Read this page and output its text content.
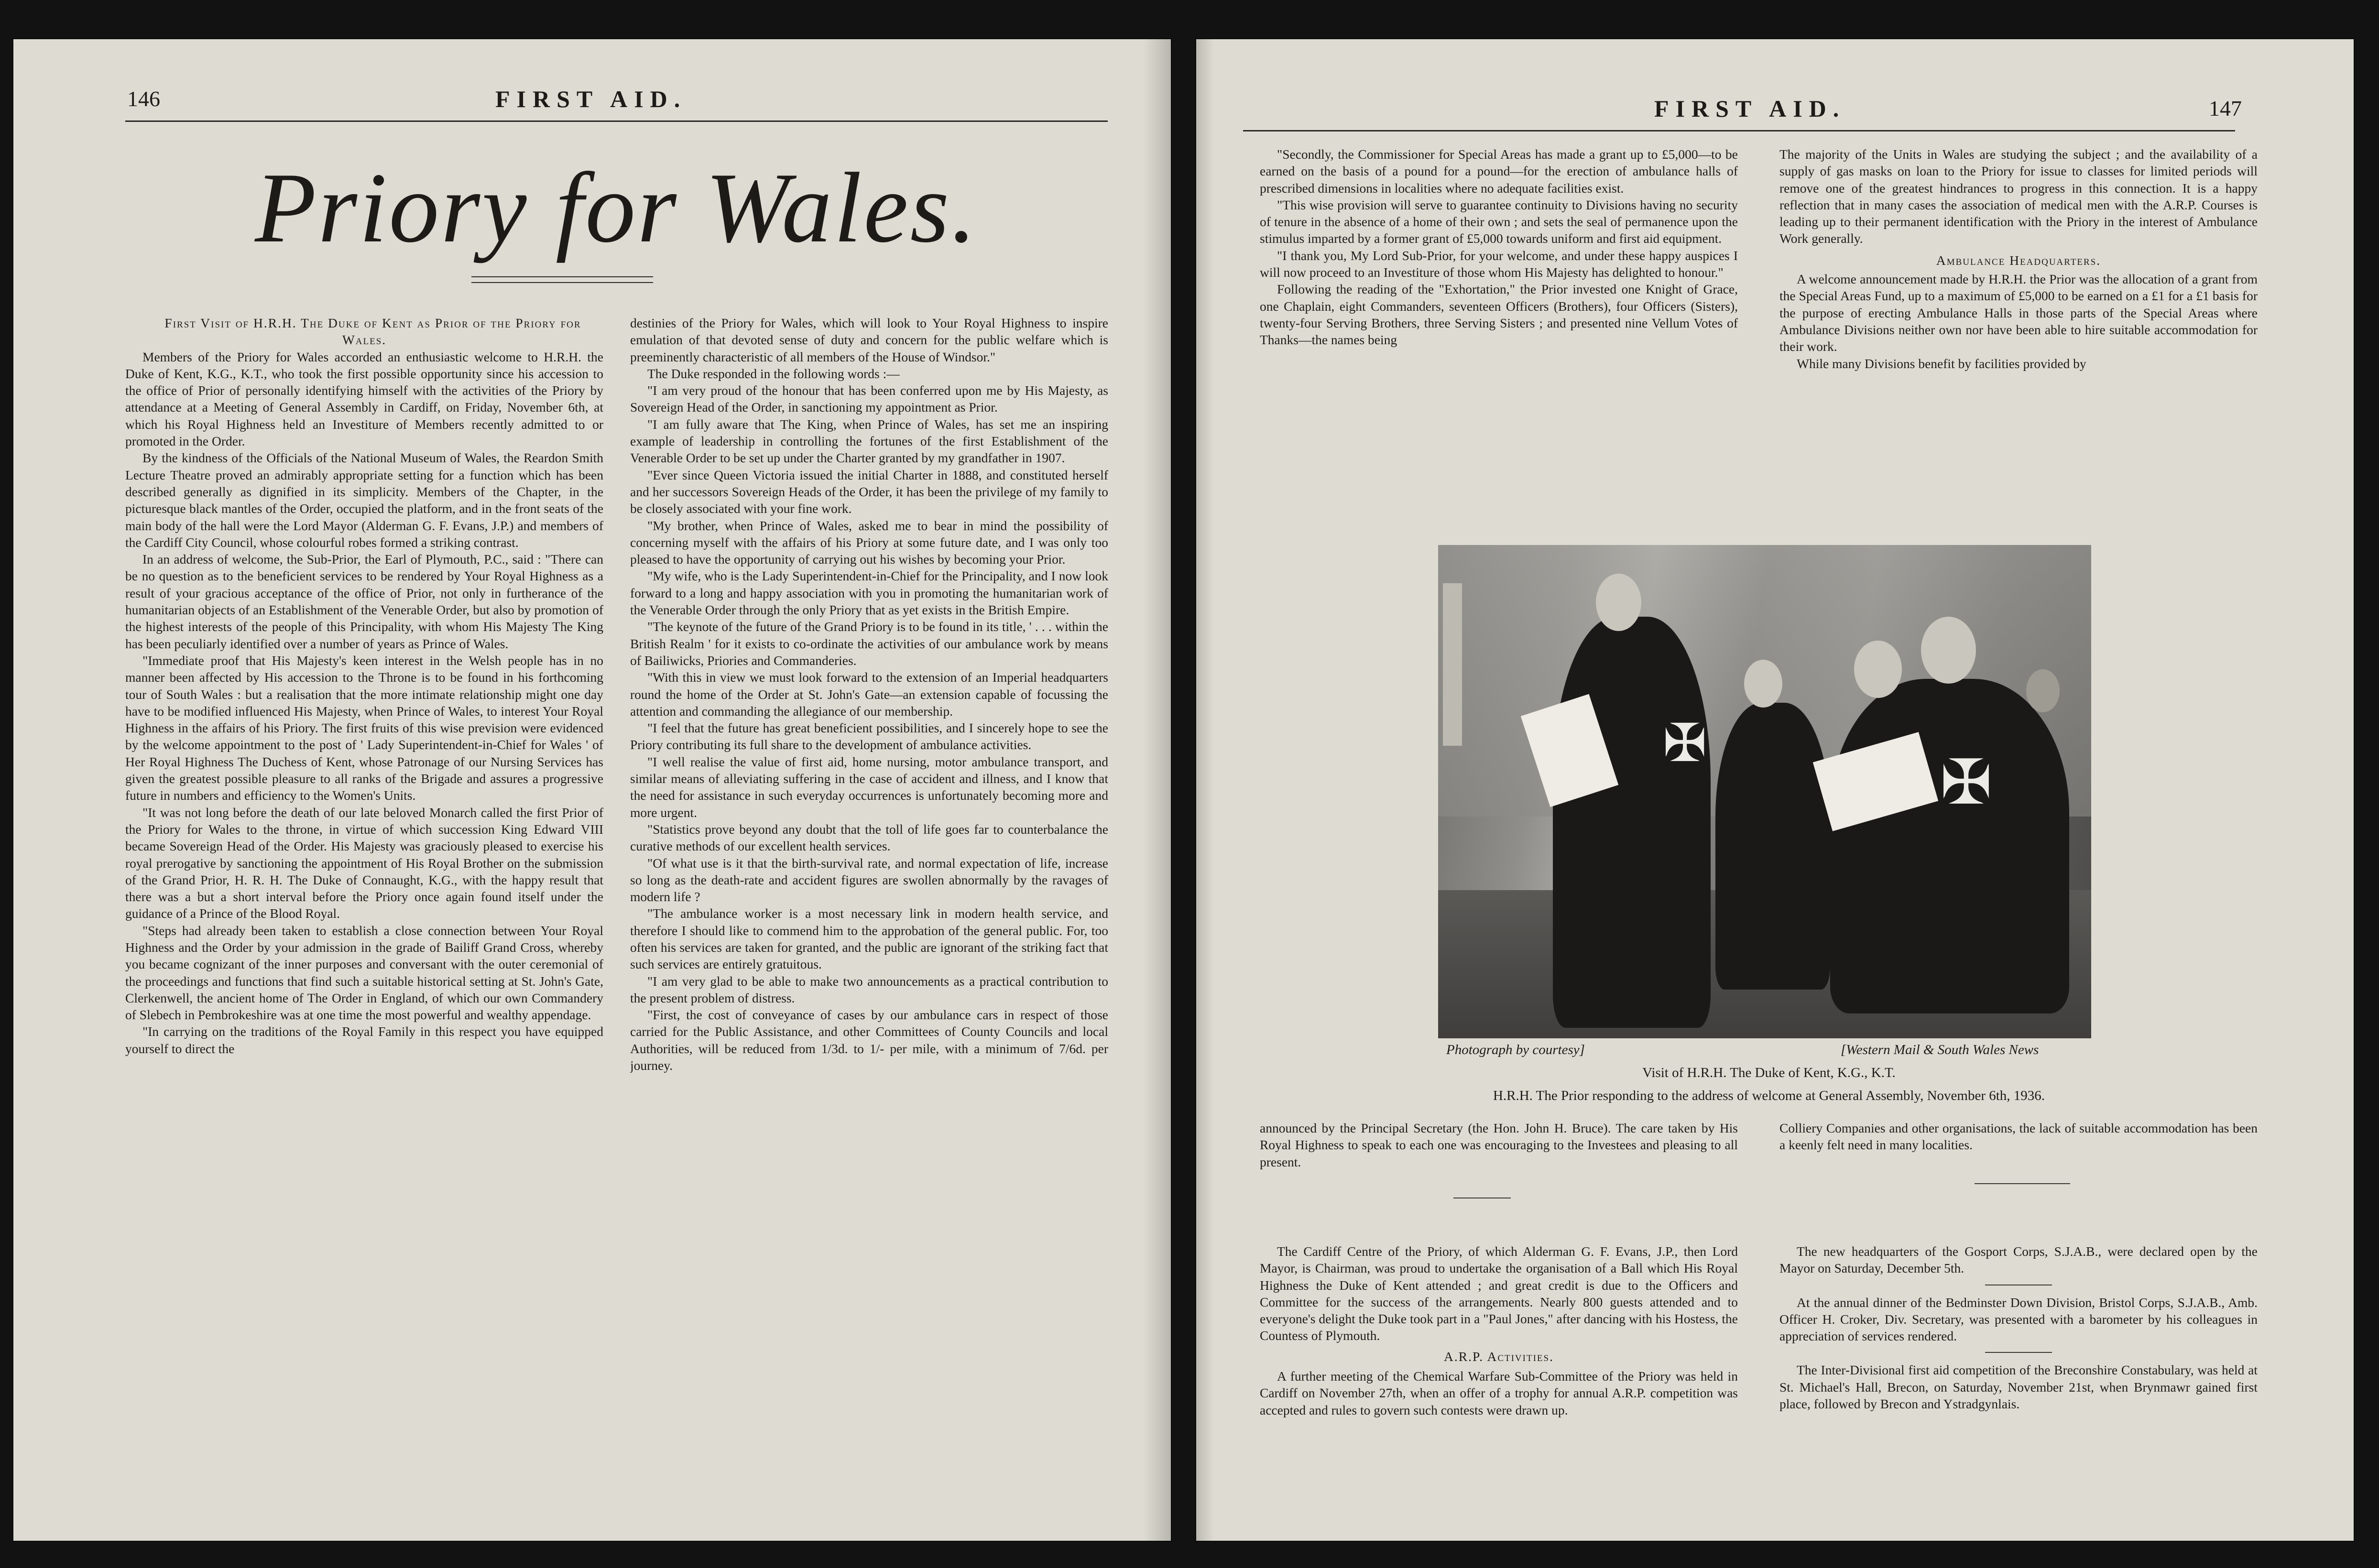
146	FIRST AID.
Priory for Wales.

First Visit of H.R.H. The Duke of Kent as Prior of the Priory for Wales.

Members of the Priory for Wales accorded an enthusiastic welcome to H.R.H. the Duke of Kent, K.G., K.T., who took the first possible opportunity since his accession to the office of Prior of personally identifying himself with the activities of the Priory by attendance at a Meeting of General Assembly in Cardiff, on Friday, November 6th, at which his Royal Highness held an Investiture of Members recently admitted to or promoted in the Order.

By the kindness of the Officials of the National Museum of Wales, the Reardon Smith Lecture Theatre proved an admirably appropriate setting for a function which has been described generally as dignified in its simplicity. Members of the Chapter, in the picturesque black mantles of the Order, occupied the platform, and in the front seats of the main body of the hall were the Lord Mayor (Alderman G. F. Evans, J.P.) and members of the Cardiff City Council, whose colourful robes formed a striking contrast.

In an address of welcome, the Sub-Prior, the Earl of Plymouth, P.C., said : "There can be no question as to the beneficient services to be rendered by Your Royal Highness as a result of your gracious acceptance of the office of Prior, not only in furtherance of the humanitarian objects of an Establishment of the Venerable Order, but also by promotion of the highest interests of the people of this Principality, with whom His Majesty The King has been peculiarly identified over a number of years as Prince of Wales.

"Immediate proof that His Majesty's keen interest in the Welsh people has in no manner been affected by His accession to the Throne is to be found in his forthcoming tour of South Wales : but a realisation that the more intimate relationship might one day have to be modified influenced His Majesty, when Prince of Wales, to interest Your Royal Highness in the affairs of his Priory. The first fruits of this wise prevision were evidenced by the welcome appointment to the post of ' Lady Superintendent-in-Chief for Wales ' of Her Royal Highness The Duchess of Kent, whose Patronage of our Nursing Services has given the greatest possible pleasure to all ranks of the Brigade and assures a progressive future in numbers and efficiency to the Women's Units.

"It was not long before the death of our late beloved Monarch called the first Prior of the Priory for Wales to the throne, in virtue of which succession King Edward VIII became Sovereign Head of the Order. His Majesty was graciously pleased to exercise his royal prerogative by sanctioning the appointment of His Royal Brother on the submission of the Grand Prior, H. R. H. The Duke of Connaught, K.G., with the happy result that there was a but a short interval before the Priory once again found itself under the guidance of a Prince of the Blood Royal.

"Steps had already been taken to establish a close connection between Your Royal Highness and the Order by your admission in the grade of Bailiff Grand Cross, whereby you became cognizant of the inner purposes and conversant with the outer ceremonial of the proceedings and functions that find such a suitable historical setting at St. John's Gate, Clerkenwell, the ancient home of The Order in England, of which our own Commandery of Slebech in Pembrokeshire was at one time the most powerful and wealthy appendage.

"In carrying on the traditions of the Royal Family in this respect you have equipped yourself to direct the

destinies of the Priory for Wales, which will look to Your Royal Highness to inspire emulation of that devoted sense of duty and concern for the public welfare which is preeminently characteristic of all members of the House of Windsor."

The Duke responded in the following words :—

"I am very proud of the honour that has been conferred upon me by His Majesty, as Sovereign Head of the Order, in sanctioning my appointment as Prior.

"I am fully aware that The King, when Prince of Wales, has set me an inspiring example of leadership in controlling the fortunes of the first Establishment of the Venerable Order to be set up under the Charter granted by my grandfather in 1907.

"Ever since Queen Victoria issued the initial Charter in 1888, and constituted herself and her successors Sovereign Heads of the Order, it has been the privilege of my family to be closely associated with your fine work.

"My brother, when Prince of Wales, asked me to bear in mind the possibility of concerning myself with the affairs of his Priory at some future date, and I was only too pleased to have the opportunity of carrying out his wishes by becoming your Prior.

"My wife, who is the Lady Superintendent-in-Chief for the Principality, and I now look forward to a long and happy association with you in promoting the humanitarian work of the Venerable Order through the only Priory that as yet exists in the British Empire.

"The keynote of the future of the Grand Priory is to be found in its title, ' . . . within the British Realm ' for it exists to co-ordinate the activities of our ambulance work by means of Bailiwicks, Priories and Commanderies.

"With this in view we must look forward to the extension of an Imperial headquarters round the home of the Order at St. John's Gate—an extension capable of focussing the attention and commanding the allegiance of our membership.

"I feel that the future has great beneficient possibilities, and I sincerely hope to see the Priory contributing its full share to the development of ambulance activities.

"I well realise the value of first aid, home nursing, motor ambulance transport, and similar means of alleviating suffering in the case of accident and illness, and I know that the need for assistance in such everyday occurrences is unfortunately becoming more and more urgent.

"Statistics prove beyond any doubt that the toll of life goes far to counterbalance the curative methods of our excellent health services.

"Of what use is it that the birth-survival rate, and normal expectation of life, increase so long as the death-rate and accident figures are swollen abnormally by the ravages of modern life ?

"The ambulance worker is a most necessary link in modern health service, and therefore I should like to commend him to the approbation of the general public. For, too often his services are taken for granted, and the public are ignorant of the striking fact that such services are entirely gratuitous.

"I am very glad to be able to make two announcements as a practical contribution to the present problem of distress.

"First, the cost of conveyance of cases by our ambulance cars in respect of those carried for the Public Assistance, and other Committees of County Councils and local Authorities, will be reduced from 1/3d. to 1/- per mile, with a minimum of 7/6d. per journey.

FIRST AID.	147

"Secondly, the Commissioner for Special Areas has made a grant up to £5,000—to be earned on the basis of a pound for a pound—for the erection of ambulance halls of prescribed dimensions in localities where no adequate facilities exist.

"This wise provision will serve to guarantee continuity to Divisions having no security of tenure in the absence of a home of their own ; and sets the seal of permanence upon the stimulus imparted by a former grant of £5,000 towards uniform and first aid equipment.

"I thank you, My Lord Sub-Prior, for your welcome, and under these happy auspices I will now proceed to an Investiture of those whom His Majesty has delighted to honour."

Following the reading of the "Exhortation," the Prior invested one Knight of Grace, one Chaplain, eight Commanders, seventeen Officers (Brothers), four Officers (Sisters), twenty-four Serving Brothers, three Serving Sisters ; and presented nine Vellum Votes of Thanks—the names being

The majority of the Units in Wales are studying the subject ; and the availability of a supply of gas masks on loan to the Priory for issue to classes for limited periods will remove one of the greatest hindrances to progress in this connection. It is a happy reflection that in many cases the association of medical men with the A.R.P. Courses is leading up to their permanent identification with the Priory in the interest of Ambulance Work generally.

Ambulance Headquarters.

A welcome announcement made by H.R.H. the Prior was the allocation of a grant from the Special Areas Fund, up to a maximum of £5,000 to be earned on a £1 for a £1 basis for the purpose of erecting Ambulance Halls in those parts of the Special Areas where Ambulance Divisions neither own nor have been able to hire suitable accommodation for their work.

While many Divisions benefit by facilities provided by

✠
✠
Photograph by courtesy]	[Western Mail & South Wales News
Visit of H.R.H. The Duke of Kent, K.G., K.T.
H.R.H. The Prior responding to the address of welcome at General Assembly, November 6th, 1936.

announced by the Principal Secretary (the Hon. John H. Bruce). The care taken by His Royal Highness to speak to each one was encouraging to the Investees and pleasing to all present.

The Cardiff Centre of the Priory, of which Alderman G. F. Evans, J.P., then Lord Mayor, is Chairman, was proud to undertake the organisation of a Ball which His Royal Highness the Duke of Kent attended ; and great credit is due to the Officers and Committee for the success of the arrangements. Nearly 800 guests attended and to everyone's delight the Duke took part in a "Paul Jones," after dancing with his Hostess, the Countess of Plymouth.

A.R.P. Activities.

A further meeting of the Chemical Warfare Sub-Committee of the Priory was held in Cardiff on November 27th, when an offer of a trophy for annual A.R.P. competition was accepted and rules to govern such contests were drawn up.

Colliery Companies and other organisations, the lack of suitable accommodation has been a keenly felt need in many localities.

The new headquarters of the Gosport Corps, S.J.A.B., were declared open by the Mayor on Saturday, December 5th.

At the annual dinner of the Bedminster Down Division, Bristol Corps, S.J.A.B., Amb. Officer H. Croker, Div. Secretary, was presented with a barometer by his colleagues in appreciation of services rendered.

The Inter-Divisional first aid competition of the Breconshire Constabulary, was held at St. Michael's Hall, Brecon, on Saturday, November 21st, when Brynmawr gained first place, followed by Brecon and Ystradgynlais.
